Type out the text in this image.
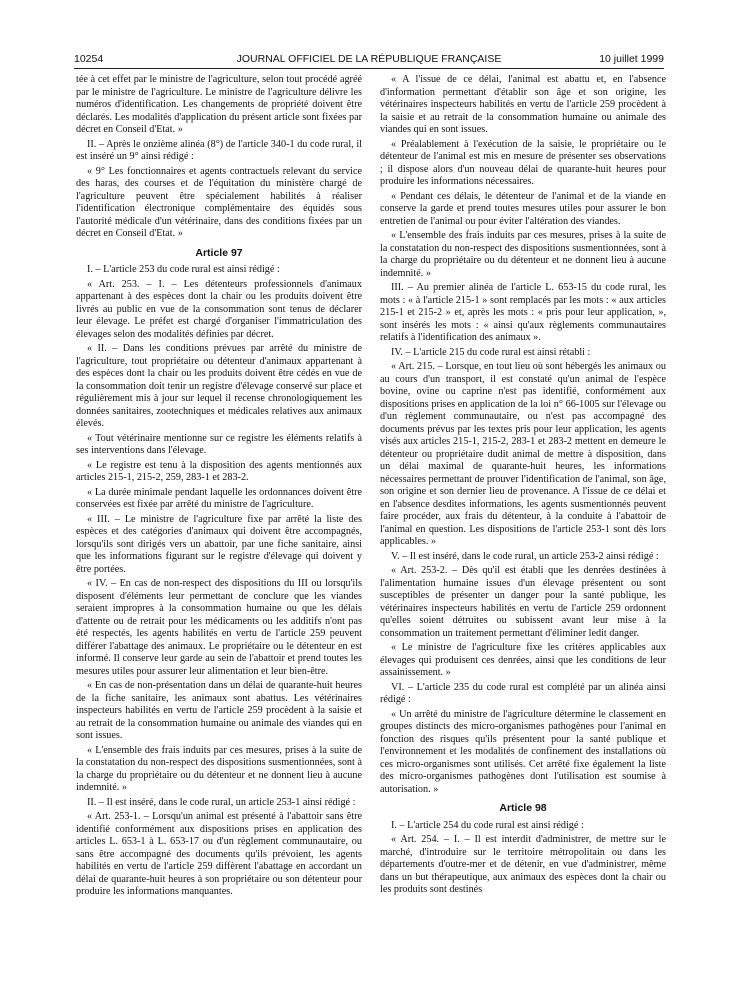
10254	JOURNAL OFFICIEL DE LA RÉPUBLIQUE FRANÇAISE	10 juillet 1999

tée à cet effet par le ministre de l'agriculture, selon tout procédé agréé par le ministre de l'agriculture. Le ministre de l'agriculture délivre les numéros d'identification. Les changements de propriété doivent être déclarés. Les modalités d'application du présent article sont fixées par décret en Conseil d'Etat. »

II. – Après le onzième alinéa (8°) de l'article 340-1 du code rural, il est inséré un 9° ainsi rédigé :

« 9° Les fonctionnaires et agents contractuels relevant du service des haras, des courses et de l'équitation du ministère chargé de l'agriculture peuvent être spécialement habilités à réaliser l'identification électronique complémentaire des équidés sous l'autorité médicale d'un vétérinaire, dans des conditions fixées par un décret en Conseil d'Etat. »

Article 97

I. – L'article 253 du code rural est ainsi rédigé :

« Art. 253. – I. – Les détenteurs professionnels d'animaux appartenant à des espèces dont la chair ou les produits doivent être livrés au public en vue de la consommation sont tenus de déclarer leur élevage. Le préfet est chargé d'organiser l'immatriculation des élevages selon des modalités définies par décret.

« II. – Dans les conditions prévues par arrêté du ministre de l'agriculture, tout propriétaire ou détenteur d'animaux appartenant à des espèces dont la chair ou les produits doivent être cédés en vue de la consommation doit tenir un registre d'élevage conservé sur place et régulièrement mis à jour sur lequel il recense chronologiquement les données sanitaires, zootechniques et médicales relatives aux animaux élevés.

« Tout vétérinaire mentionne sur ce registre les éléments relatifs à ses interventions dans l'élevage.

« Le registre est tenu à la disposition des agents mentionnés aux articles 215-1, 215-2, 259, 283-1 et 283-2.

« La durée minimale pendant laquelle les ordonnances doivent être conservées est fixée par arrêté du ministre de l'agriculture.

« III. – Le ministre de l'agriculture fixe par arrêté la liste des espèces et des catégories d'animaux qui doivent être accompagnés, lorsqu'ils sont dirigés vers un abattoir, par une fiche sanitaire, ainsi que les informations figurant sur le registre d'élevage qui doivent y être portées.

« IV. – En cas de non-respect des dispositions du III ou lorsqu'ils disposent d'éléments leur permettant de conclure que les viandes seraient impropres à la consommation humaine ou que les délais d'attente ou de retrait pour les médicaments ou les additifs n'ont pas été respectés, les agents habilités en vertu de l'article 259 peuvent différer l'abattage des animaux. Le propriétaire ou le détenteur en est informé. Il conserve leur garde au sein de l'abattoir et prend toutes les mesures utiles pour assurer leur alimentation et leur bien-être.

« En cas de non-présentation dans un délai de quarante-huit heures de la fiche sanitaire, les animaux sont abattus. Les vétérinaires inspecteurs habilités en vertu de l'article 259 procèdent à la saisie et au retrait de la consommation humaine ou animale des viandes qui en sont issues.

« L'ensemble des frais induits par ces mesures, prises à la suite de la constatation du non-respect des dispositions susmentionnées, sont à la charge du propriétaire ou du détenteur et ne donnent lieu à aucune indemnité. »

II. – Il est inséré, dans le code rural, un article 253-1 ainsi rédigé :

« Art. 253-1. – Lorsqu'un animal est présenté à l'abattoir sans être identifié conformément aux dispositions prises en application des articles L. 653-1 à L. 653-17 ou d'un règlement communautaire, ou sans être accompagné des documents qu'ils prévoient, les agents habilités en vertu de l'article 259 diffèrent l'abattage en accordant un délai de quarante-huit heures à son propriétaire ou son détenteur pour produire les informations manquantes.

« A l'issue de ce délai, l'animal est abattu et, en l'absence d'information permettant d'établir son âge et son origine, les vétérinaires inspecteurs habilités en vertu de l'article 259 procèdent à la saisie et au retrait de la consommation humaine ou animale des viandes qui en sont issues.

« Préalablement à l'exécution de la saisie, le propriétaire ou le détenteur de l'animal est mis en mesure de présenter ses observations ; il dispose alors d'un nouveau délai de quarante-huit heures pour produire les informations nécessaires.

« Pendant ces délais, le détenteur de l'animal et de la viande en conserve la garde et prend toutes mesures utiles pour assurer le bon entretien de l'animal ou pour éviter l'altération des viandes.

« L'ensemble des frais induits par ces mesures, prises à la suite de la constatation du non-respect des dispositions susmentionnées, sont à la charge du propriétaire ou du détenteur et ne donnent lieu à aucune indemnité. »

III. – Au premier alinéa de l'article L. 653-15 du code rural, les mots : « à l'article 215-1 » sont remplacés par les mots : « aux articles 215-1 et 215-2 » et, après les mots : « pris pour leur application, », sont insérés les mots : « ainsi qu'aux règlements communautaires relatifs à l'identification des animaux ».

IV. – L'article 215 du code rural est ainsi rétabli :

« Art. 215. – Lorsque, en tout lieu où sont hébergés les animaux ou au cours d'un transport, il est constaté qu'un animal de l'espèce bovine, ovine ou caprine n'est pas identifié, conformément aux dispositions prises en application de la loi n° 66-1005 sur l'élevage ou d'un règlement communautaire, ou n'est pas accompagné des documents prévus par les textes pris pour leur application, les agents visés aux articles 215-1, 215-2, 283-1 et 283-2 mettent en demeure le détenteur ou propriétaire dudit animal de mettre à disposition, dans un délai maximal de quarante-huit heures, les informations nécessaires permettant de prouver l'identification de l'animal, son âge, son origine et son dernier lieu de provenance. A l'issue de ce délai et en l'absence desdites informations, les agents susmentionnés peuvent faire procéder, aux frais du détenteur, à la conduite à l'abattoir de l'animal en question. Les dispositions de l'article 253-1 sont dès lors applicables. »

V. – Il est inséré, dans le code rural, un article 253-2 ainsi rédigé :

« Art. 253-2. – Dès qu'il est établi que les denrées destinées à l'alimentation humaine issues d'un élevage présentent ou sont susceptibles de présenter un danger pour la santé publique, les vétérinaires inspecteurs habilités en vertu de l'article 259 ordonnent qu'elles soient détruites ou subissent avant leur mise à la consommation un traitement permettant d'éliminer ledit danger.

« Le ministre de l'agriculture fixe les critères applicables aux élevages qui produisent ces denrées, ainsi que les conditions de leur assainissement. »

VI. – L'article 235 du code rural est complété par un alinéa ainsi rédigé :

« Un arrêté du ministre de l'agriculture détermine le classement en groupes distincts des micro-organismes pathogènes pour l'animal en fonction des risques qu'ils présentent pour la santé publique et l'environnement et les modalités de confinement des installations où ces micro-organismes sont utilisés. Cet arrêté fixe également la liste des micro-organismes pathogènes dont l'utilisation est soumise à autorisation. »

Article 98

I. – L'article 254 du code rural est ainsi rédigé :

« Art. 254. – I. – Il est interdit d'administrer, de mettre sur le marché, d'introduire sur le territoire métropolitain ou dans les départements d'outre-mer et de détenir, en vue d'administrer, même dans un but thérapeutique, aux animaux des espèces dont la chair ou les produits sont destinés
